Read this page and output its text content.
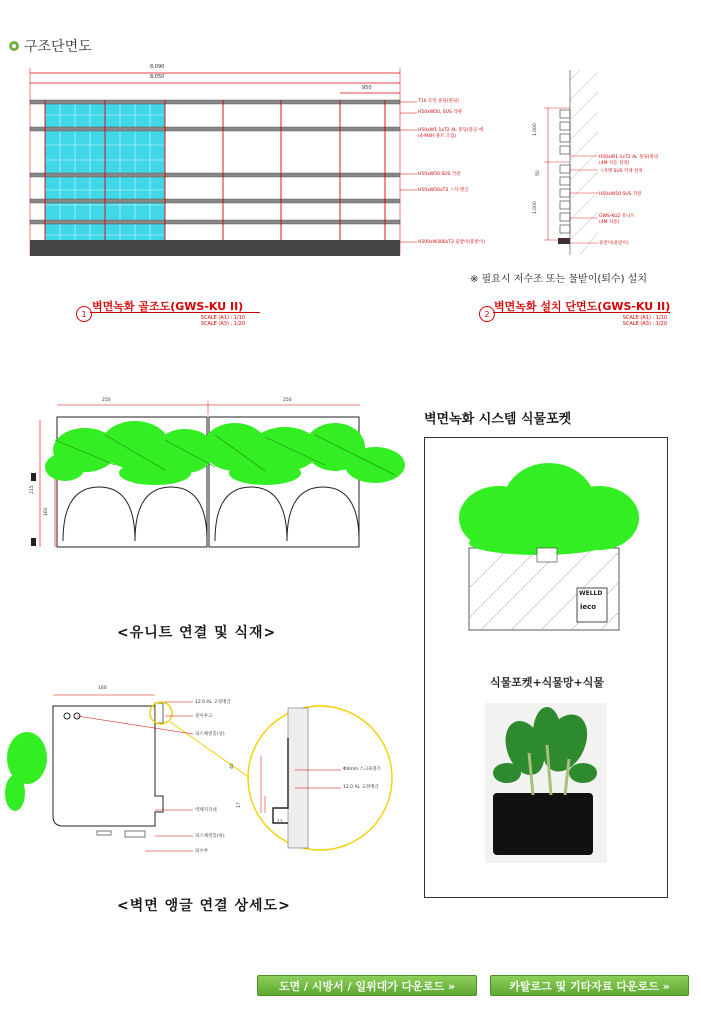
구조단면도
8,090
8,050
950
T10 측면 몰딩(몰딩)
H50xW50, SUS 각관
H50xW1.1xT2 AL 몰딩(몰딩 에
(4-M4H 볼트 조립)
H50xW50 SUS 각관
H50xW50xT3 ㄱ자 앵글
H200xW300xT2 물받이(물받이)
1,000
50
1,000
H50xW1.1xT2 AL 몰딩(몰딩
(4M 자동 설치)
ㄱ자앵 SUS 각재 설치
H50xW50 SUS 각관
GWS-KU2 유니트
(4M 자동)
물받이(물받이)
※ 필요시 저수조 또는 물받이(퇴수) 설치
1
벽면녹화 골조도(GWS-KU II)
SCALE (A1) : 1/10
SCALE (A3) : 1/20
2
벽면녹화 설치 단면도(GWS-KU II)
SCALE (A1) : 1/10
SCALE (A3) : 1/20
250	250
215
160
<유니트 연결 및 식재>
벽면녹화 시스템 식물포켓
WELLD
ieco
식물포켓+식물망+식물
160
40
17
11
12.0 AL 고정앵글
걸이후크
피스체결홀(상)
벽체지지대
피스체결홀(하)
퇴수부
Φ4mm 스크류볼트
12.0 AL 고정앵글
<벽면 앵글 연결 상세도>
도면 / 시방서 / 일위대가 다운로드 »	카탈로그 및 기타자료 다운로드 »
